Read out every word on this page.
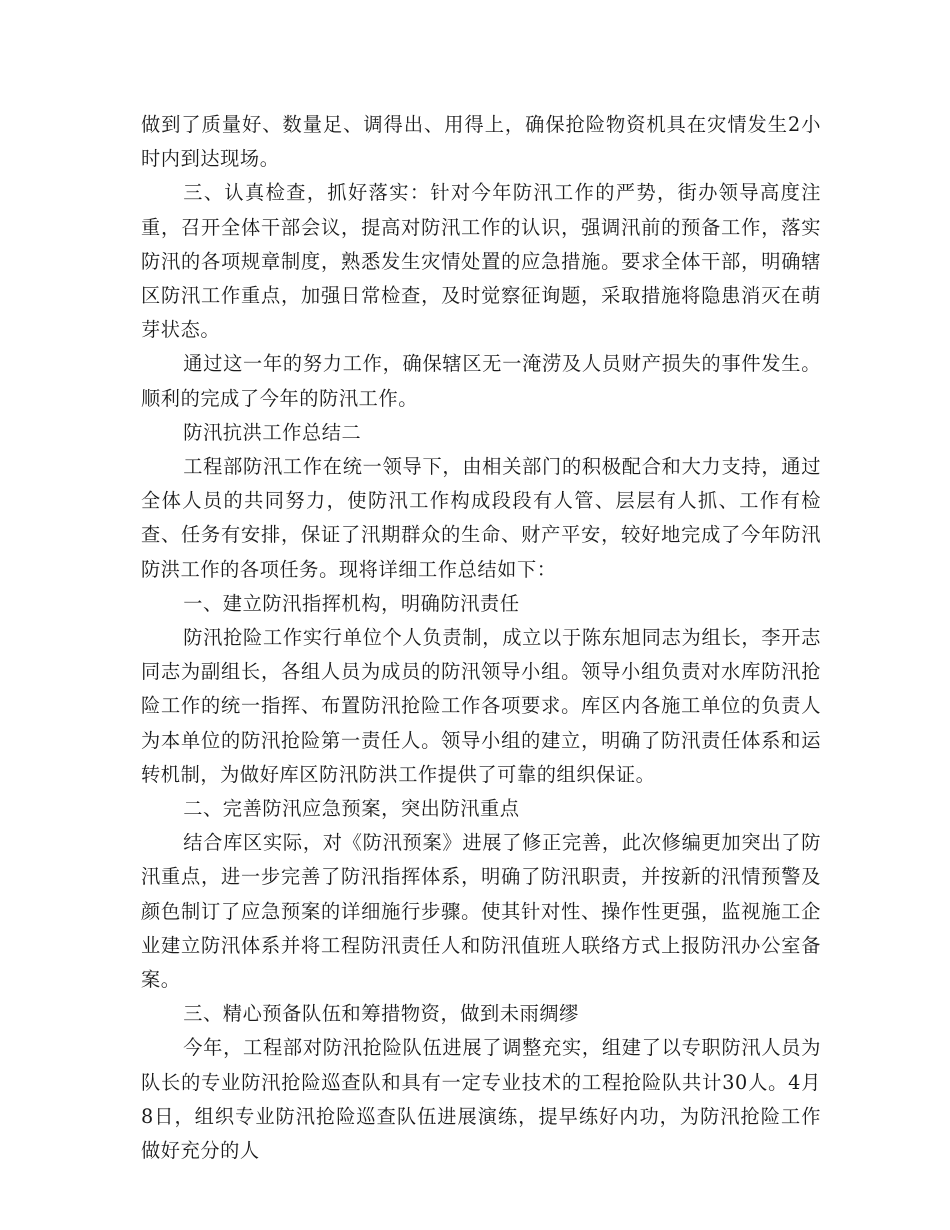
做到了质量好、数量足、调得出、用得上，确保抢险物资机具在灾情发生2小时内到达现场。

三、认真检查，抓好落实：针对今年防汛工作的严势，街办领导高度注重，召开全体干部会议，提高对防汛工作的认识，强调汛前的预备工作，落实防汛的各项规章制度，熟悉发生灾情处置的应急措施。要求全体干部，明确辖区防汛工作重点，加强日常检查，及时觉察征询题，采取措施将隐患消灭在萌芽状态。

通过这一年的努力工作，确保辖区无一淹涝及人员财产损失的事件发生。顺利的完成了今年的防汛工作。

防汛抗洪工作总结二

工程部防汛工作在统一领导下，由相关部门的积极配合和大力支持，通过全体人员的共同努力，使防汛工作构成段段有人管、层层有人抓、工作有检查、任务有安排，保证了汛期群众的生命、财产平安，较好地完成了今年防汛防洪工作的各项任务。现将详细工作总结如下：

一、建立防汛指挥机构，明确防汛责任

防汛抢险工作实行单位个人负责制，成立以于陈东旭同志为组长，李开志同志为副组长，各组人员为成员的防汛领导小组。领导小组负责对水库防汛抢险工作的统一指挥、布置防汛抢险工作各项要求。库区内各施工单位的负责人为本单位的防汛抢险第一责任人。领导小组的建立，明确了防汛责任体系和运转机制，为做好库区防汛防洪工作提供了可靠的组织保证。

二、完善防汛应急预案，突出防汛重点

结合库区实际，对《防汛预案》进展了修正完善，此次修编更加突出了防汛重点，进一步完善了防汛指挥体系，明确了防汛职责，并按新的汛情预警及颜色制订了应急预案的详细施行步骤。使其针对性、操作性更强，监视施工企业建立防汛体系并将工程防汛责任人和防汛值班人联络方式上报防汛办公室备案。

三、精心预备队伍和筹措物资，做到未雨绸缪

今年，工程部对防汛抢险队伍进展了调整充实，组建了以专职防汛人员为队长的专业防汛抢险巡查队和具有一定专业技术的工程抢险队共计30人。4月8日，组织专业防汛抢险巡查队伍进展演练，提早练好内功，为防汛抢险工作做好充分的人
